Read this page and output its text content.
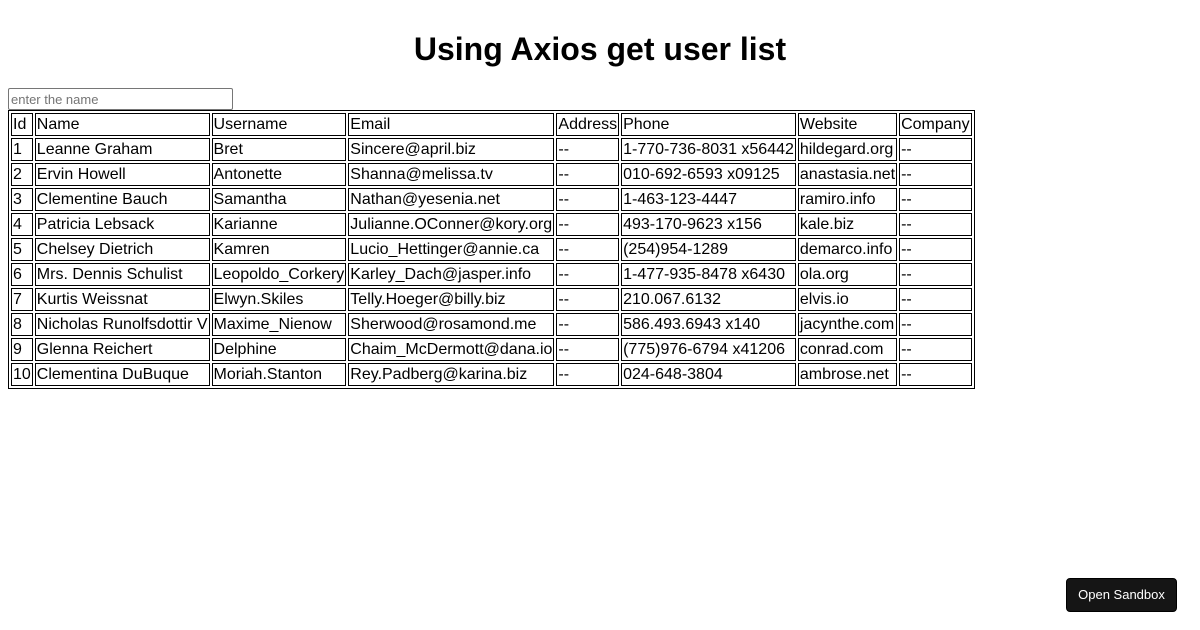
Using Axios get user list
enter the name
Id	Name	Username	Email	Address	Phone	Website	Company
1	Leanne Graham	Bret	Sincere@april.biz	--	1-770-736-8031 x56442	hildegard.org	--
2	Ervin Howell	Antonette	Shanna@melissa.tv	--	010-692-6593 x09125	anastasia.net	--
3	Clementine Bauch	Samantha	Nathan@yesenia.net	--	1-463-123-4447	ramiro.info	--
4	Patricia Lebsack	Karianne	Julianne.OConner@kory.org	--	493-170-9623 x156	kale.biz	--
5	Chelsey Dietrich	Kamren	Lucio_Hettinger@annie.ca	--	(254)954-1289	demarco.info	--
6	Mrs. Dennis Schulist	Leopoldo_Corkery	Karley_Dach@jasper.info	--	1-477-935-8478 x6430	ola.org	--
7	Kurtis Weissnat	Elwyn.Skiles	Telly.Hoeger@billy.biz	--	210.067.6132	elvis.io	--
8	Nicholas Runolfsdottir V	Maxime_Nienow	Sherwood@rosamond.me	--	586.493.6943 x140	jacynthe.com	--
9	Glenna Reichert	Delphine	Chaim_McDermott@dana.io	--	(775)976-6794 x41206	conrad.com	--
10	Clementina DuBuque	Moriah.Stanton	Rey.Padberg@karina.biz	--	024-648-3804	ambrose.net	--
Open Sandbox
